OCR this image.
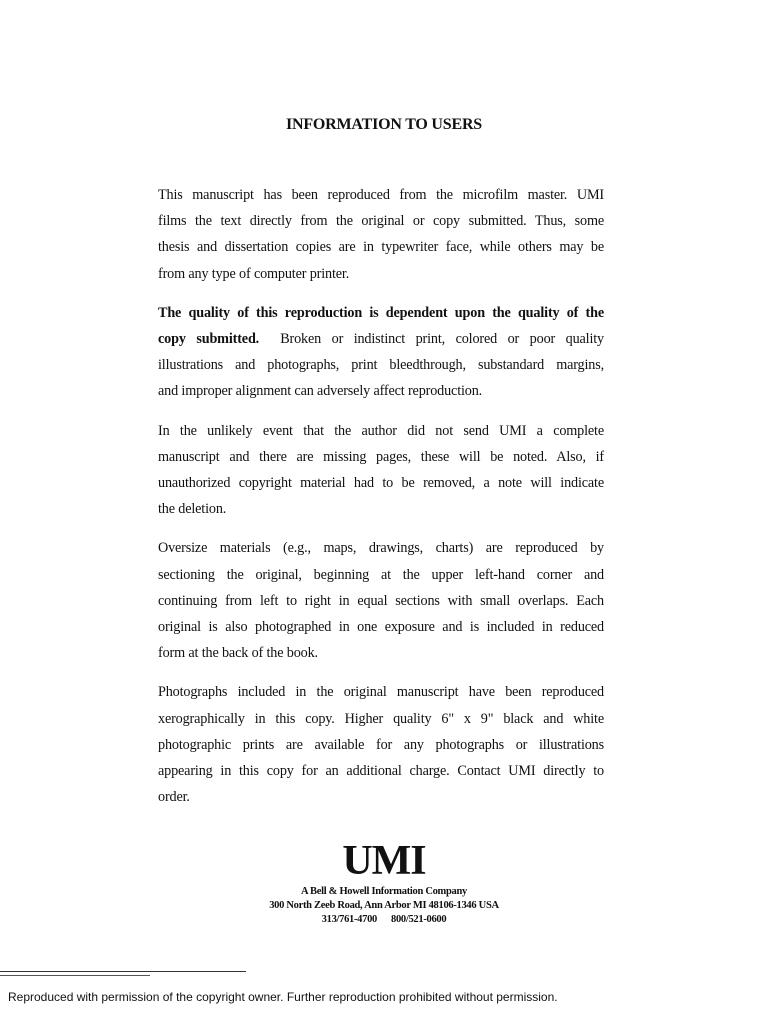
INFORMATION TO USERS

This manuscript has been reproduced from the microfilm master. UMI
films the text directly from the original or copy submitted. Thus, some
thesis and dissertation copies are in typewriter face, while others may be
from any type of computer printer.

The quality of this reproduction is dependent upon the quality of the
copy submitted. Broken or indistinct print, colored or poor quality
illustrations and photographs, print bleedthrough, substandard margins,
and improper alignment can adversely affect reproduction.

In the unlikely event that the author did not send UMI a complete
manuscript and there are missing pages, these will be noted. Also, if
unauthorized copyright material had to be removed, a note will indicate
the deletion.

Oversize materials (e.g., maps, drawings, charts) are reproduced by
sectioning the original, beginning at the upper left-hand corner and
continuing from left to right in equal sections with small overlaps. Each
original is also photographed in one exposure and is included in reduced
form at the back of the book.

Photographs included in the original manuscript have been reproduced
xerographically in this copy. Higher quality 6" x 9" black and white
photographic prints are available for any photographs or illustrations
appearing in this copy for an additional charge. Contact UMI directly to
order.

UMI
A Bell & Howell Information Company
300 North Zeeb Road, Ann Arbor MI 48106-1346 USA
313/761-4700 800/521-0600
Reproduced with permission of the copyright owner. Further reproduction prohibited without permission.
